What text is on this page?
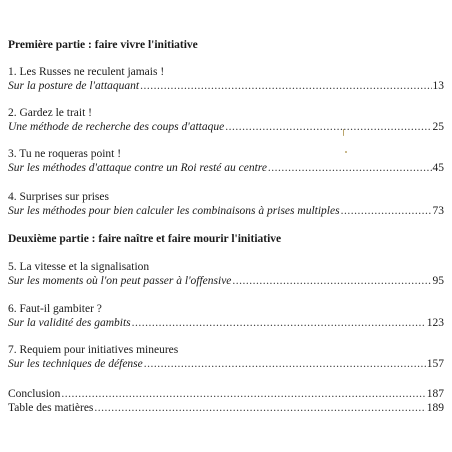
Première partie : faire vivre l'initiative
1. Les Russes ne reculent jamais !
Sur la posture de l'attaquant .....	13
2. Gardez le trait !
Une méthode de recherche des coups d'attaque .....	25
3. Tu ne roqueras point !
Sur les méthodes d'attaque contre un Roi resté au centre .....	45
4. Surprises sur prises
Sur les méthodes pour bien calculer les combinaisons à prises multiples .....	73
Deuxième partie : faire naître et faire mourir l'initiative
5. La vitesse et la signalisation
Sur les moments où l'on peut passer à l'offensive .....	95
6. Faut-il gambiter ?
Sur la validité des gambits .....	123
7. Requiem pour initiatives mineures
Sur les techniques de défense .....	157
Conclusion .....	187
Table des matières .....	189
